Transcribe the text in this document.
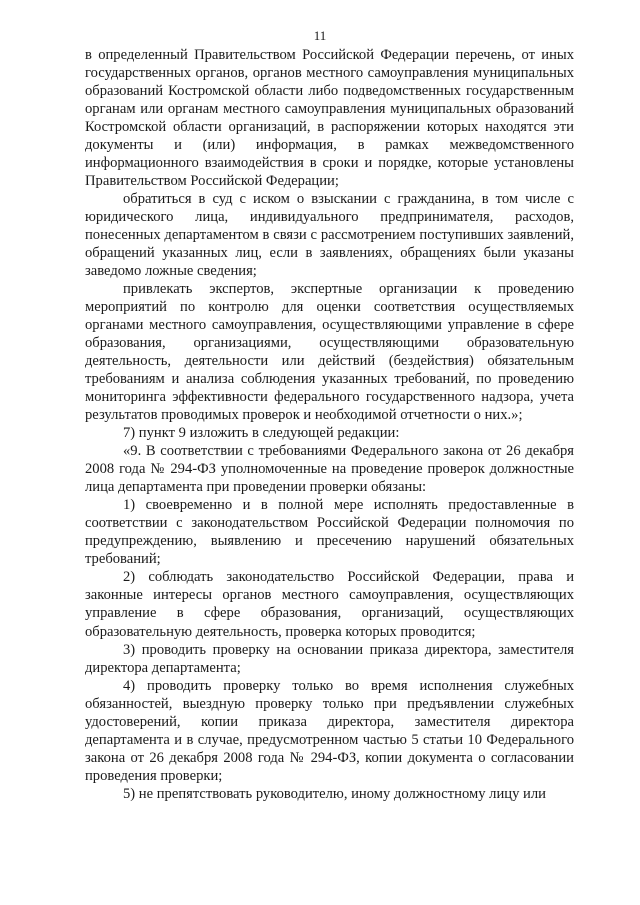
11

в определенный Правительством Российской Федерации перечень, от иных государственных органов, органов местного самоуправления муниципальных образований Костромской области либо подведомственных государственным органам или органам местного самоуправления муниципальных образований Костромской области организаций, в распоряжении которых находятся эти документы и (или) информация, в рамках межведомственного информационного взаимодействия в сроки и порядке, которые установлены Правительством Российской Федерации;

обратиться в суд с иском о взыскании с гражданина, в том числе с юридического лица, индивидуального предпринимателя, расходов, понесенных департаментом в связи с рассмотрением поступивших заявлений, обращений указанных лиц, если в заявлениях, обращениях были указаны заведомо ложные сведения;

привлекать экспертов, экспертные организации к проведению мероприятий по контролю для оценки соответствия осуществляемых органами местного самоуправления, осуществляющими управление в сфере образования, организациями, осуществляющими образовательную деятельность, деятельности или действий (бездействия) обязательным требованиям и анализа соблюдения указанных требований, по проведению мониторинга эффективности федерального государственного надзора, учета результатов проводимых проверок и необходимой отчетности о них.»;

7) пункт 9 изложить в следующей редакции:

«9. В соответствии с требованиями Федерального закона от 26 декабря 2008 года № 294-ФЗ уполномоченные на проведение проверок должностные лица департамента при проведении проверки обязаны:

1) своевременно и в полной мере исполнять предоставленные в соответствии с законодательством Российской Федерации полномочия по предупреждению, выявлению и пресечению нарушений обязательных требований;

2) соблюдать законодательство Российской Федерации, права и законные интересы органов местного самоуправления, осуществляющих управление в сфере образования, организаций, осуществляющих образовательную деятельность, проверка которых проводится;

3) проводить проверку на основании приказа директора, заместителя директора департамента;

4) проводить проверку только во время исполнения служебных обязанностей, выездную проверку только при предъявлении служебных удостоверений, копии приказа директора, заместителя директора департамента и в случае, предусмотренном частью 5 статьи 10 Федерального закона от 26 декабря 2008 года № 294-ФЗ, копии документа о согласовании проведения проверки;

5) не препятствовать руководителю, иному должностному лицу или
